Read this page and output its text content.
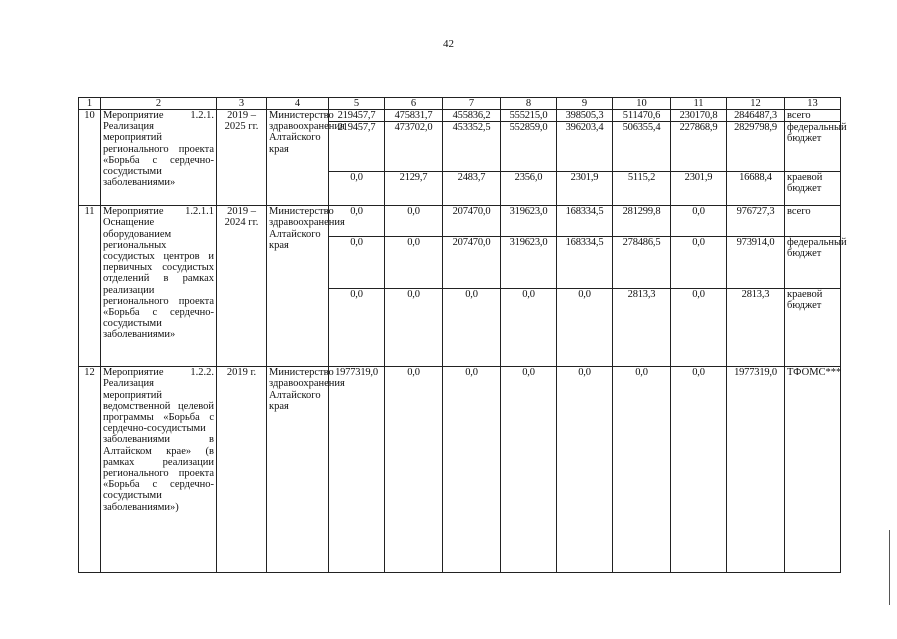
42
1	2	3	4	5	6	7	8	9	10	11	12	13
10	Мероприятие 1.2.1. Реализация мероприятий регионального проекта «Борьба с сердечно-сосудистыми заболеваниями»	2019 – 2025 гг.	Министерство здравоохранения Алтайского края	219457,7	475831,7	455836,2	555215,0	398505,3	511470,6	230170,8	2846487,3	всего
				219457,7	473702,0	453352,5	552859,0	396203,4	506355,4	227868,9	2829798,9	федеральный бюджет
				0,0	2129,7	2483,7	2356,0	2301,9	5115,2	2301,9	16688,4	краевой бюджет
11	Мероприятие 1.2.1.1 Оснащение оборудованием региональных сосудистых центров и первичных сосудистых отделений в рамках реализации регионального проекта «Борьба с сердечно-сосудистыми заболеваниями»	2019 – 2024 гг.	Министерство здравоохранения Алтайского края	0,0	0,0	207470,0	319623,0	168334,5	281299,8	0,0	976727,3	всего
				0,0	0,0	207470,0	319623,0	168334,5	278486,5	0,0	973914,0	федеральный бюджет
				0,0	0,0	0,0	0,0	0,0	2813,3	0,0	2813,3	краевой бюджет
12	Мероприятие 1.2.2. Реализация мероприятий ведомственной целевой программы «Борьба с сердечно-сосудистыми заболеваниями в Алтайском крае» (в рамках реализации регионального проекта «Борьба с сердечно-сосудистыми заболеваниями»)	2019 г.	Министерство здравоохранения Алтайского края	1977319,0	0,0	0,0	0,0	0,0	0,0	0,0	1977319,0	ТФОМС***
